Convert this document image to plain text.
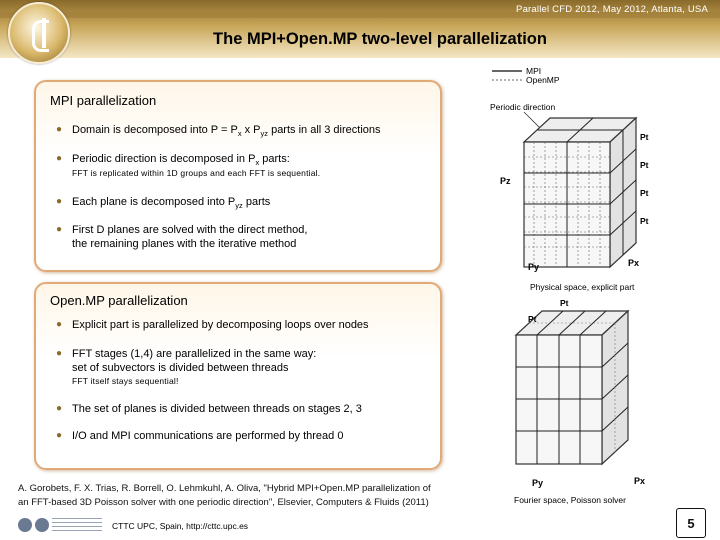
Parallel CFD 2012, May 2012, Atlanta, USA
The MPI+Open.MP two-level parallelization
MPI parallelization
● Domain is decomposed into $P = P_x$ x $P_{yz}$ parts in all 3 directions
● Periodic direction is decomposed in $P_x$ parts:
FFT is replicated within 1D groups and each FFT is sequential.
● Each plane is decomposed into $P_{yz}$ parts
● First D planes are solved with the direct method,
the remaining planes with the iterative method
Open.MP parallelization
● Explicit part is parallelized by decomposing loops over nodes
● FFT stages (1,4) are parallelized in the same way:
set of subvectors is divided between threads
FFT itself stays sequential!
● The set of planes is divided between threads on stages 2, 3
● I/O and MPI communications are performed by thread 0
MPI
OpenMP
Periodic direction
Pt
Pt
Pt
Pt
Pz
Py	Px
Physical space, explicit part
Pt
Pt
Py	Px
Fourier space, Poisson solver
A. Gorobets, F. X. Trias, R. Borrell, O. Lehmkuhl, A. Oliva, "Hybrid MPI+Open.MP parallelization of
an FFT-based 3D Poisson solver with one periodic direction", Elsevier, Computers & Fluids (2011)
CTTC UPC, Spain, http://cttc.upc.es	5
